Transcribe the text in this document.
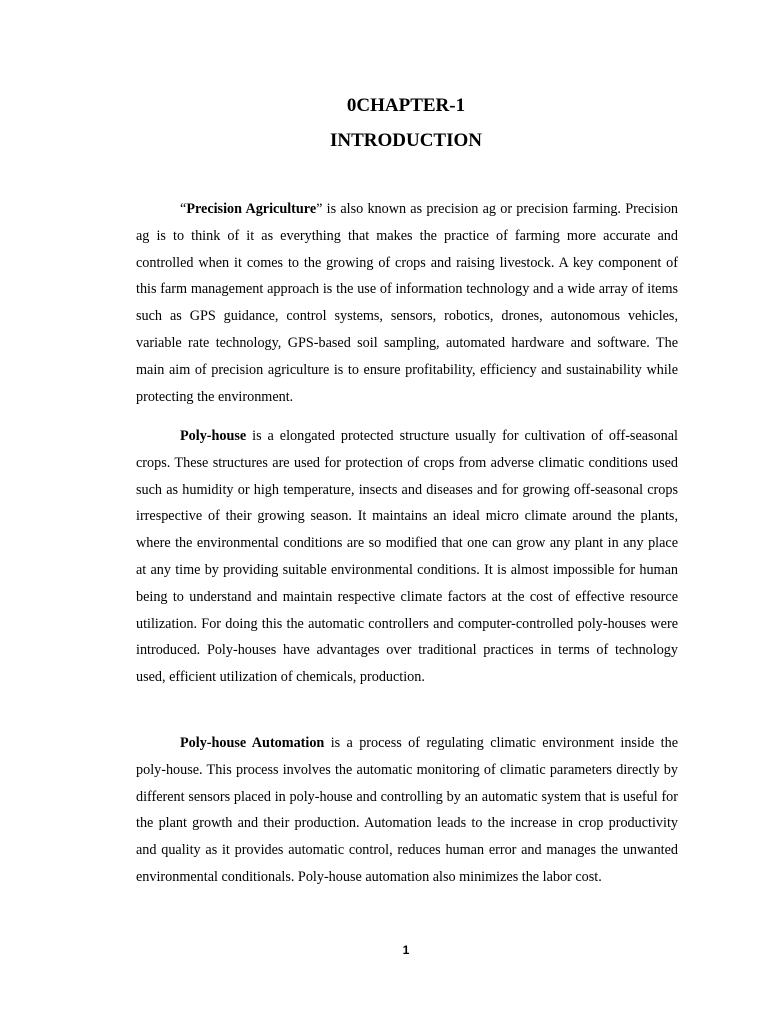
0CHAPTER-1
INTRODUCTION

“Precision Agriculture” is also known as precision ag or precision farming. Precision ag is to think of it as everything that makes the practice of farming more accurate and controlled when it comes to the growing of crops and raising livestock. A key component of this farm management approach is the use of information technology and a wide array of items such as GPS guidance, control systems, sensors, robotics, drones, autonomous vehicles, variable rate technology, GPS-based soil sampling, automated hardware and software. The main aim of precision agriculture is to ensure profitability, efficiency and sustainability while protecting the environment.

Poly-house is a elongated protected structure usually for cultivation of off-seasonal crops. These structures are used for protection of crops from adverse climatic conditions used such as humidity or high temperature, insects and diseases and for growing off-seasonal crops irrespective of their growing season. It maintains an ideal micro climate around the plants, where the environmental conditions are so modified that one can grow any plant in any place at any time by providing suitable environmental conditions. It is almost impossible for human being to understand and maintain respective climate factors at the cost of effective resource utilization. For doing this the automatic controllers and computer-controlled poly-houses were introduced. Poly-houses have advantages over traditional practices in terms of technology used, efficient utilization of chemicals, production.

Poly-house Automation is a process of regulating climatic environment inside the poly-house. This process involves the automatic monitoring of climatic parameters directly by different sensors placed in poly-house and controlling by an automatic system that is useful for the plant growth and their production. Automation leads to the increase in crop productivity and quality as it provides automatic control, reduces human error and manages the unwanted environmental conditionals. Poly-house automation also minimizes the labor cost.

1
